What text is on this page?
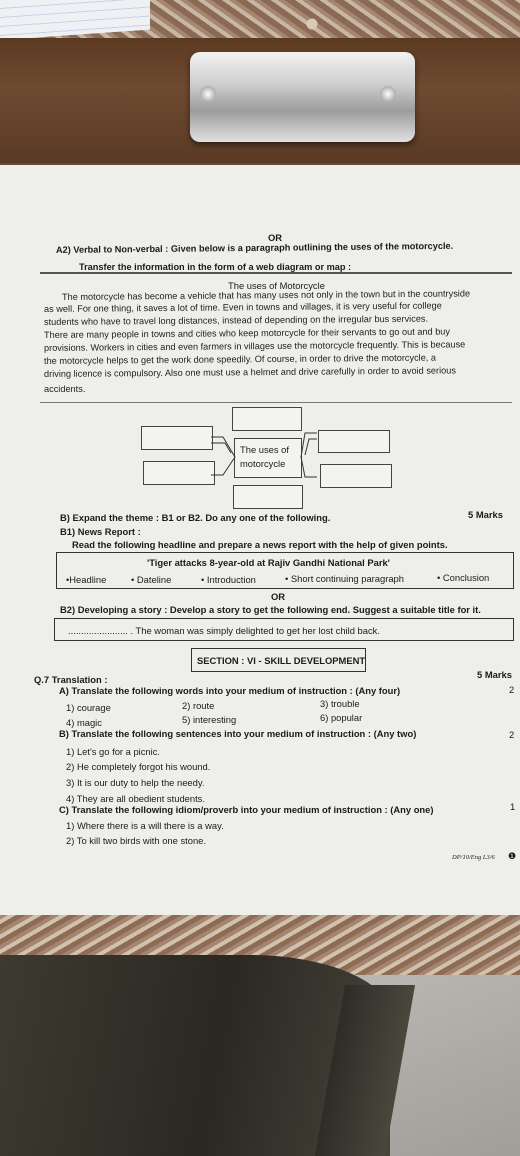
OR
A2) Verbal to Non-verbal : Given below is a paragraph outlining the uses of the motorcycle.
Transfer the information in the form of a web diagram or map :
The uses of Motorcycle
The motorcycle has become a vehicle that has many uses not only in the town but in the countryside
as well. For one thing, it saves a lot of time. Even in towns and villages, it is very useful for college
students who have to travel long distances, instead of depending on the irregular bus services.
There are many people in towns and cities who keep motorcycle for their servants to go out and buy
provisions. Workers in cities and even farmers in villages use the motorcycle frequently. This is because
the motorcycle helps to get the work done speedily. Of course, in order to drive the motorcycle, a
driving licence is compulsory. Also one must use a helmet and drive carefully in order to avoid serious
accidents.
The uses of
motorcycle
B) Expand the theme : B1 or B2. Do any one of the following.	5 Marks
B1) News Report :
Read the following headline and prepare a news report with the help of given points.
'Tiger attacks 8-year-old at Rajiv Gandhi National Park'
•Headline	• Dateline	• Introduction	• Short continuing paragraph	• Conclusion
OR
B2) Developing a story : Develop a story to get the following end. Suggest a suitable title for it.
....................... . The woman was simply delighted to get her lost child back.
SECTION : VI - SKILL DEVELOPMENT
Q.7 Translation :	5 Marks
A) Translate the following words into your medium of instruction : (Any four)	2
1) courage	2) route	3) trouble
4) magic	5) interesting	6) popular
B) Translate the following sentences into your medium of instruction : (Any two)	2
1) Let's go for a picnic.
2) He completely forgot his wound.
3) It is our duty to help the needy.
4) They are all obedient students.
C) Translate the following idiom/proverb into your medium of instruction : (Any one)	1
1) Where there is a will there is a way.
2) To kill two birds with one stone.
DP/10/Eng L3/6 ❶
